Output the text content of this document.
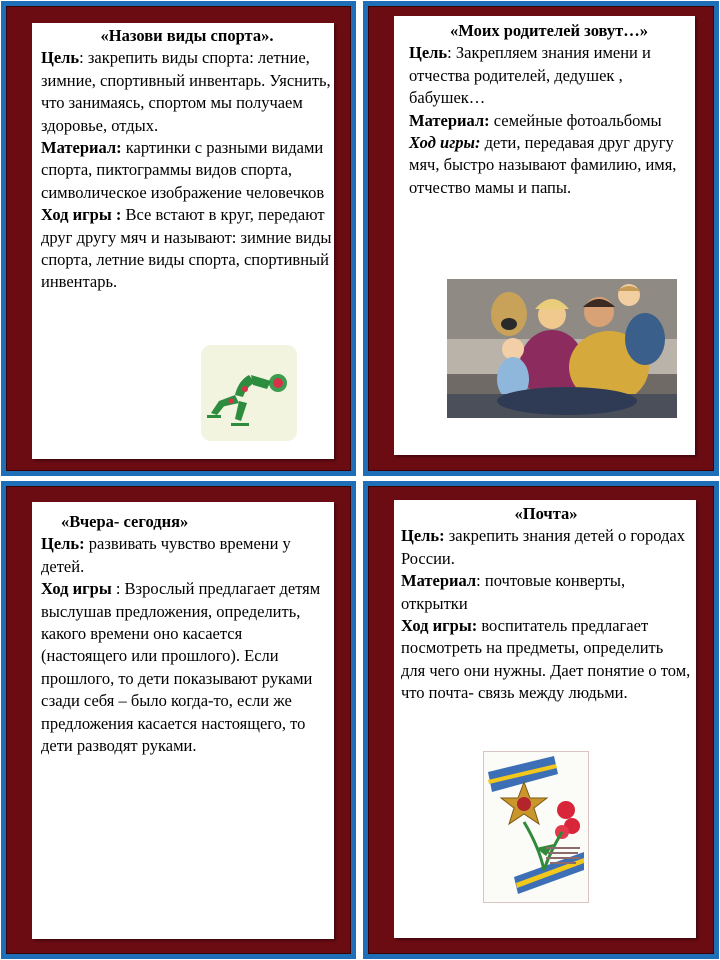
«Назови виды спорта».

Цель: закрепить виды спорта: летние, зимние, спортивный инвентарь. Уяснить, что занимаясь, спортом мы получаем здоровье, отдых.

Материал: картинки с разными видами спорта, пиктограммы видов спорта, символическое изображение человечков

Ход игры : Все встают в круг, передают друг другу мяч и называют: зимние виды спорта, летние виды спорта, спортивный инвентарь.

«Моих родителей зовут…»

Цель: Закрепляем знания имени и отчества родителей, дедушек , бабушек…

Материал: семейные фотоальбомы

Ход игры: дети, передавая друг другу мяч, быстро называют фамилию, имя, отчество мамы и папы.

«Вчера- сегодня»

Цель: развивать чувство времени у детей.

Ход игры : Взрослый предлагает детям выслушав предложения, определить, какого времени оно касается (настоящего или прошлого). Если прошлого, то дети показывают руками сзади себя – было когда-то, если же предложения касается настоящего, то дети разводят руками.

«Почта»

Цель: закрепить знания детей о городах России.

Материал: почтовые конверты, открытки

Ход игры: воспитатель предлагает посмотреть на предметы, определить для чего они нужны. Дает понятие о том, что почта- связь между людьми.
